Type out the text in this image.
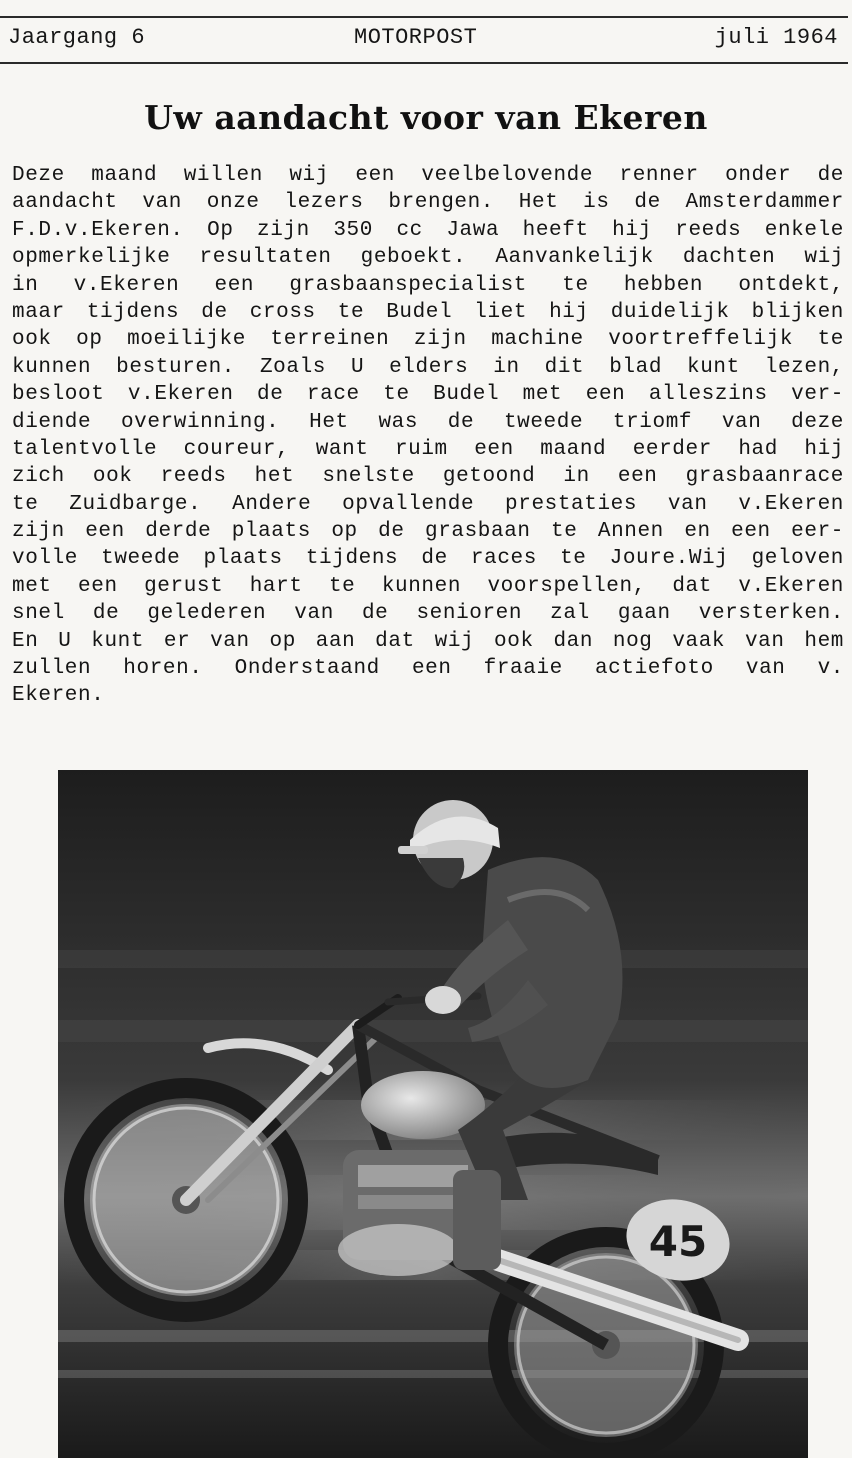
Jaargang 6	MOTORPOST	juli 1964
Uw aandacht voor van Ekeren
Deze maand willen wij een veelbelovende renner onder de
aandacht van onze lezers brengen. Het is de Amsterdammer
F.D.v.Ekeren. Op zijn 350 cc Jawa heeft hij reeds enkele
opmerkelijke resultaten geboekt. Aanvankelijk dachten wij
in v.Ekeren een grasbaanspecialist te hebben ontdekt,
maar tijdens de cross te Budel liet hij duidelijk blijken
ook op moeilijke terreinen zijn machine voortreffelijk te
kunnen besturen. Zoals U elders in dit blad kunt lezen,
besloot v.Ekeren de race te Budel met een alleszins ver-
diende overwinning. Het was de tweede triomf van deze
talentvolle coureur, want ruim een maand eerder had hij
zich ook reeds het snelste getoond in een grasbaanrace
te Zuidbarge. Andere opvallende prestaties van v.Ekeren
zijn een derde plaats op de grasbaan te Annen en een eer-
volle tweede plaats tijdens de races te Joure.Wij geloven
met een gerust hart te kunnen voorspellen, dat v.Ekeren
snel de gelederen van de senioren zal gaan versterken.
En U kunt er van op aan dat wij ook dan nog vaak van hem
zullen horen. Onderstaand een fraaie actiefoto van v.
Ekeren.
45
